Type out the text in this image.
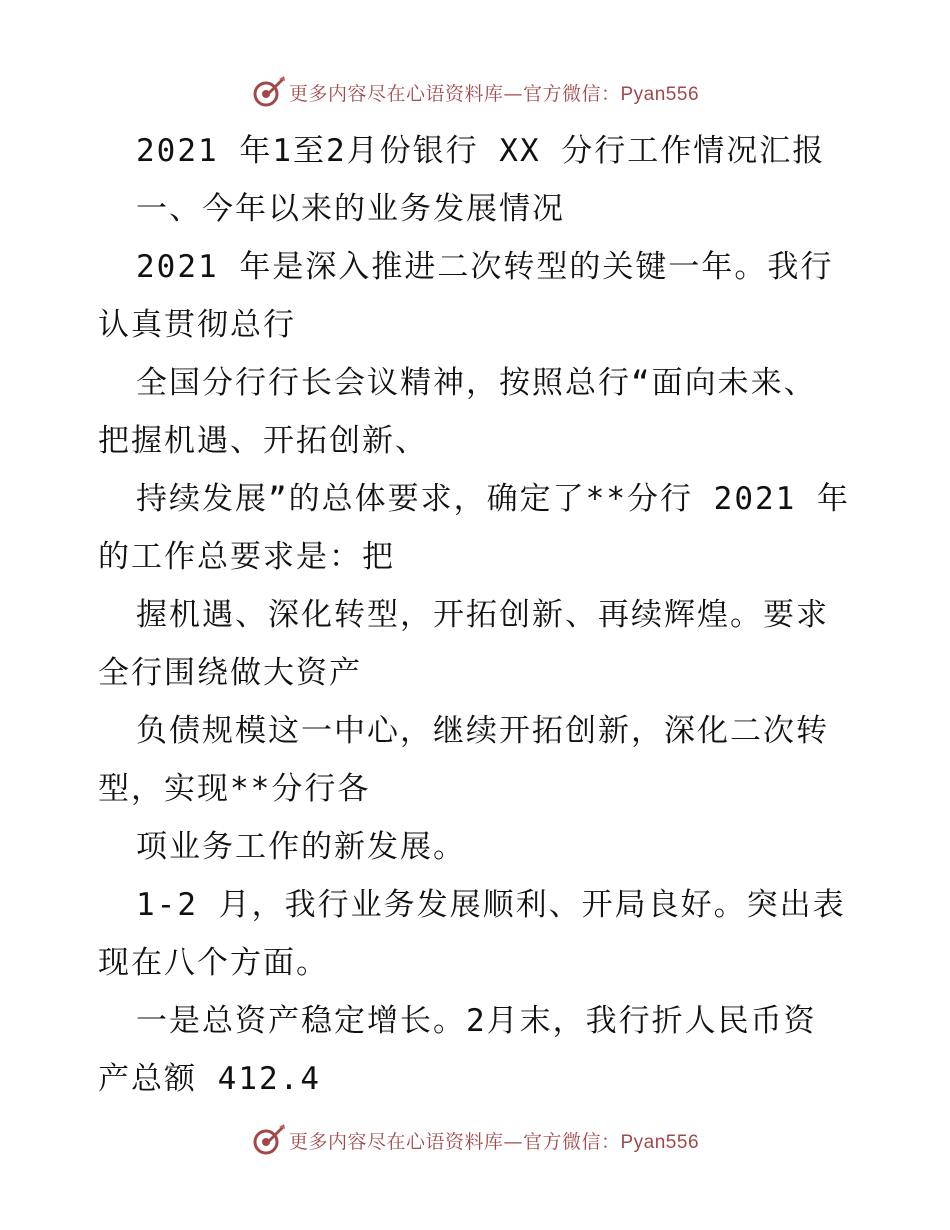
更多内容尽在心语资料库—官方微信：Pyan556

2021 年1至2月份银行 XX 分行工作情况汇报

一、今年以来的业务发展情况

2021 年是深入推进二次转型的关键一年。我行

认真贯彻总行

全国分行行长会议精神，按照总行“面向未来、

把握机遇、开拓创新、

持续发展”的总体要求，确定了**分行 2021 年

的工作总要求是：把

握机遇、深化转型，开拓创新、再续辉煌。要求

全行围绕做大资产

负债规模这一中心，继续开拓创新，深化二次转

型，实现**分行各

项业务工作的新发展。

1-2 月，我行业务发展顺利、开局良好。突出表

现在八个方面。

一是总资产稳定增长。2月末，我行折人民币资

产总额 412.4

更多内容尽在心语资料库—官方微信：Pyan556
